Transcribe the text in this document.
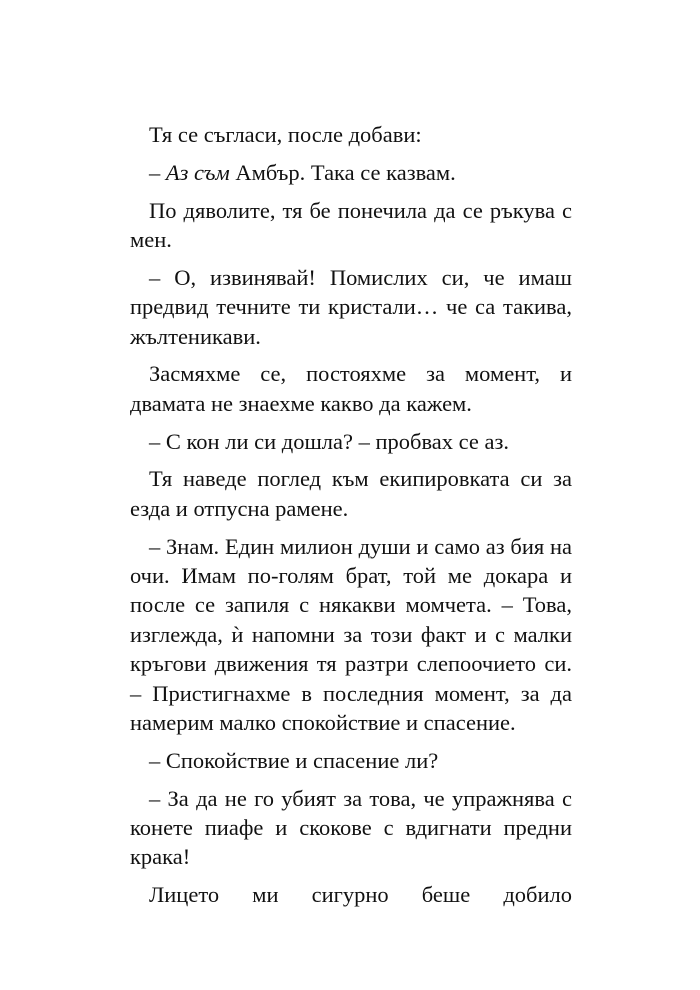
Тя се съгласи, после добави:

– Аз съм Амбър. Така се казвам.

По дяволите, тя бе понечила да се ръкува с мен.

– О, извинявай! Помислих си, че имаш предвид течните ти кристали… че са такива, жълтеникави.

Засмяхме се, постояхме за момент, и двамата не знаехме какво да кажем.

– С кон ли си дошла? – пробвах се аз.

Тя наведе поглед към екипировката си за езда и отпусна рамене.

– Знам. Един милион души и само аз бия на очи. Имам по-голям брат, той ме докара и после се запиля с някакви момчета. – Това, изглежда, ѝ напомни за този факт и с малки кръгови движения тя разтри слепоочието си. – Пристигнахме в последния момент, за да намерим малко спокойствие и спасение.

– Спокойствие и спасение ли?

– За да не го убият за това, че упражнява с конете пиафе и скокове с вдигнати предни крака!

Лицето ми сигурно беше добило
